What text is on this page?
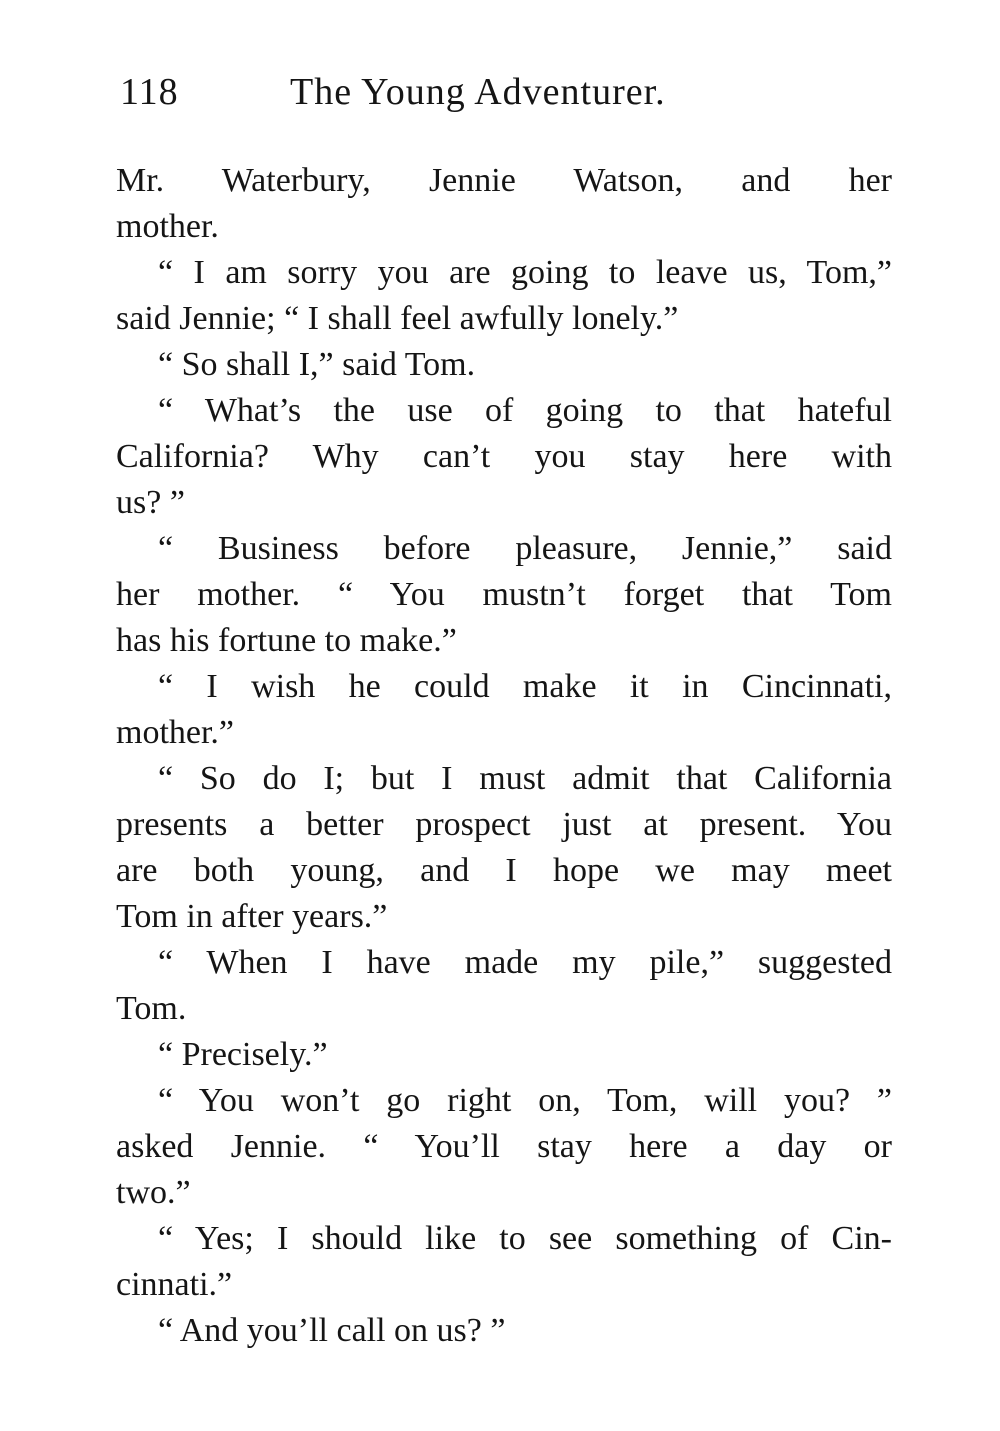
118	The Young Adventurer.
Mr. Waterbury, Jennie Watson, and her
mother.
“ I am sorry you are going to leave us, Tom,”
said Jennie; “ I shall feel awfully lonely.”
“ So shall I,” said Tom.
“ What’s the use of going to that hateful
California? Why can’t you stay here with
us? ”
“ Business before pleasure, Jennie,” said
her mother. “ You mustn’t forget that Tom
has his fortune to make.”
“ I wish he could make it in Cincinnati,
mother.”
“ So do I; but I must admit that California
presents a better prospect just at present. You
are both young, and I hope we may meet
Tom in after years.”
“ When I have made my pile,” suggested
Tom.
“ Precisely.”
“ You won’t go right on, Tom, will you? ”
asked Jennie. “ You’ll stay here a day or
two.”
“ Yes; I should like to see something of Cin-
cinnati.”
“ And you’ll call on us? ”
